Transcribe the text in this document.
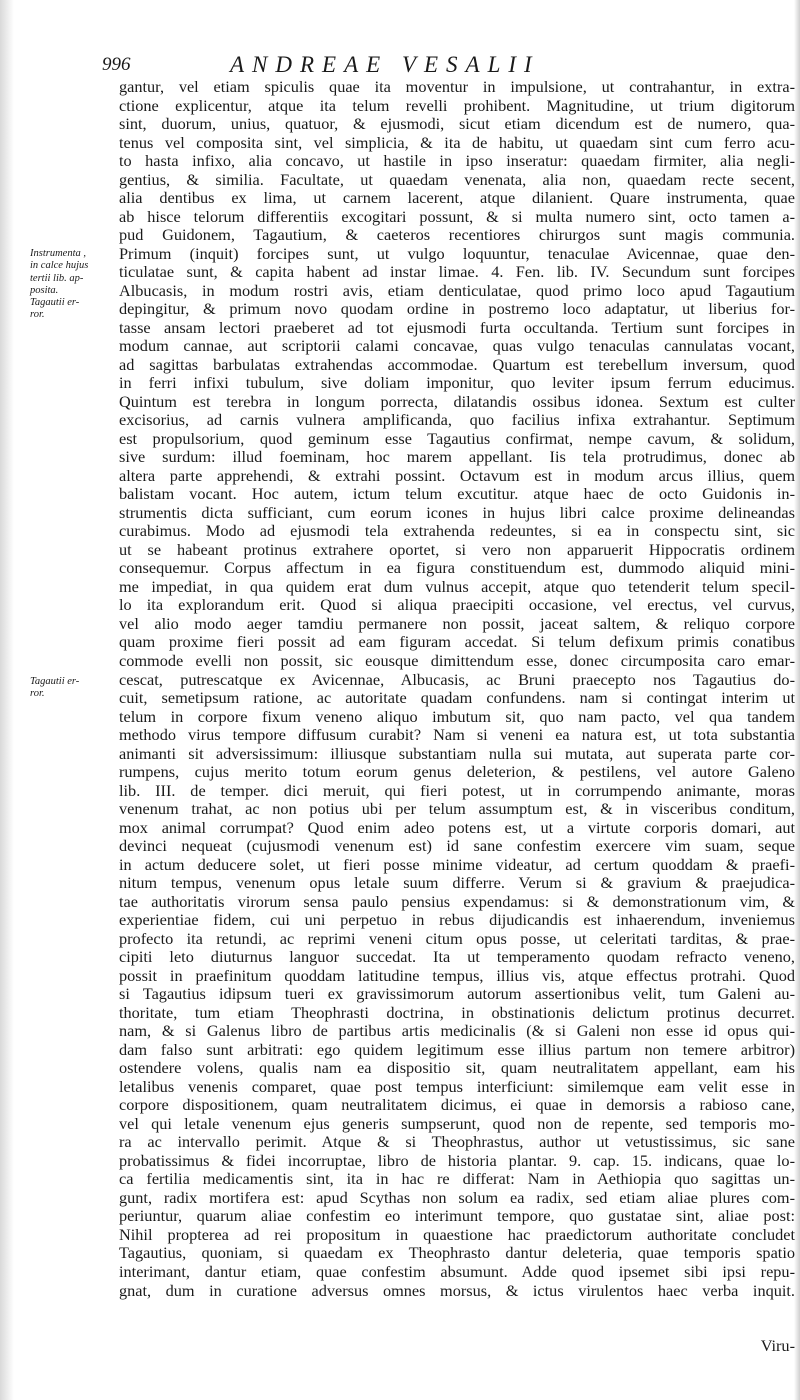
996	ANDREAE VESALII
Instrumenta ,
in calce hujus
tertii lib. ap-
posita.
Tagautii er-
ror.
Tagautii er-
ror.
gantur, vel etiam spiculis quae ita moventur in impulsione, ut contrahantur, in extra-
ctione explicentur, atque ita telum revelli prohibent. Magnitudine, ut trium digitorum
sint, duorum, unius, quatuor, & ejusmodi, sicut etiam dicendum est de numero, qua-
tenus vel composita sint, vel simplicia, & ita de habitu, ut quaedam sint cum ferro acu-
to hasta infixo, alia concavo, ut hastile in ipso inseratur: quaedam firmiter, alia negli-
gentius, & similia. Facultate, ut quaedam venenata, alia non, quaedam recte secent,
alia dentibus ex lima, ut carnem lacerent, atque dilanient. Quare instrumenta, quae
ab hisce telorum differentiis excogitari possunt, & si multa numero sint, octo tamen a-
pud Guidonem, Tagautium, & caeteros recentiores chirurgos sunt magis communia.
Primum (inquit) forcipes sunt, ut vulgo loquuntur, tenaculae Avicennae, quae den-
ticulatae sunt, & capita habent ad instar limae. 4. Fen. lib. IV. Secundum sunt forcipes
Albucasis, in modum rostri avis, etiam denticulatae, quod primo loco apud Tagautium
depingitur, & primum novo quodam ordine in postremo loco adaptatur, ut liberius for-
tasse ansam lectori praeberet ad tot ejusmodi furta occultanda. Tertium sunt forcipes in
modum cannae, aut scriptorii calami concavae, quas vulgo tenaculas cannulatas vocant,
ad sagittas barbulatas extrahendas accommodae. Quartum est terebellum inversum, quod
in ferri infixi tubulum, sive doliam imponitur, quo leviter ipsum ferrum educimus.
Quintum est terebra in longum porrecta, dilatandis ossibus idonea. Sextum est culter
excisorius, ad carnis vulnera amplificanda, quo facilius infixa extrahantur. Septimum
est propulsorium, quod geminum esse Tagautius confirmat, nempe cavum, & solidum,
sive surdum: illud foeminam, hoc marem appellant. Iis tela protrudimus, donec ab
altera parte apprehendi, & extrahi possint. Octavum est in modum arcus illius, quem
balistam vocant. Hoc autem, ictum telum excutitur. atque haec de octo Guidonis in-
strumentis dicta sufficiant, cum eorum icones in hujus libri calce proxime delineandas
curabimus. Modo ad ejusmodi tela extrahenda redeuntes, si ea in conspectu sint, sic
ut se habeant protinus extrahere oportet, si vero non apparuerit Hippocratis ordinem
consequemur. Corpus affectum in ea figura constituendum est, dummodo aliquid mini-
me impediat, in qua quidem erat dum vulnus accepit, atque quo tetenderit telum specil-
lo ita explorandum erit. Quod si aliqua praecipiti occasione, vel erectus, vel curvus,
vel alio modo aeger tamdiu permanere non possit, jaceat saltem, & reliquo corpore
quam proxime fieri possit ad eam figuram accedat. Si telum defixum primis conatibus
commode evelli non possit, sic eousque dimittendum esse, donec circumposita caro emar-
cescat, putrescatque ex Avicennae, Albucasis, ac Bruni praecepto nos Tagautius do-
cuit, semetipsum ratione, ac autoritate quadam confundens. nam si contingat interim ut
telum in corpore fixum veneno aliquo imbutum sit, quo nam pacto, vel qua tandem
methodo virus tempore diffusum curabit? Nam si veneni ea natura est, ut tota substantia
animanti sit adversissimum: illiusque substantiam nulla sui mutata, aut superata parte cor-
rumpens, cujus merito totum eorum genus deleterion, & pestilens, vel autore Galeno
lib. III. de temper. dici meruit, qui fieri potest, ut in corrumpendo animante, moras
venenum trahat, ac non potius ubi per telum assumptum est, & in visceribus conditum,
mox animal corrumpat? Quod enim adeo potens est, ut a virtute corporis domari, aut
devinci nequeat (cujusmodi venenum est) id sane confestim exercere vim suam, seque
in actum deducere solet, ut fieri posse minime videatur, ad certum quoddam & praefi-
nitum tempus, venenum opus letale suum differre. Verum si & gravium & praejudica-
tae authoritatis virorum sensa paulo pensius expendamus: si & demonstrationum vim, &
experientiae fidem, cui uni perpetuo in rebus dijudicandis est inhaerendum, inveniemus
profecto ita retundi, ac reprimi veneni citum opus posse, ut celeritati tarditas, & prae-
cipiti leto diuturnus languor succedat. Ita ut temperamento quodam refracto veneno,
possit in praefinitum quoddam latitudine tempus, illius vis, atque effectus protrahi. Quod
si Tagautius idipsum tueri ex gravissimorum autorum assertionibus velit, tum Galeni au-
thoritate, tum etiam Theophrasti doctrina, in obstinationis delictum protinus decurret.
nam, & si Galenus libro de partibus artis medicinalis (& si Galeni non esse id opus qui-
dam falso sunt arbitrati: ego quidem legitimum esse illius partum non temere arbitror)
ostendere volens, qualis nam ea dispositio sit, quam neutralitatem appellant, eam his
letalibus venenis comparet, quae post tempus interficiunt: similemque eam velit esse in
corpore dispositionem, quam neutralitatem dicimus, ei quae in demorsis a rabioso cane,
vel qui letale venenum ejus generis sumpserunt, quod non de repente, sed temporis mo-
ra ac intervallo perimit. Atque & si Theophrastus, author ut vetustissimus, sic sane
probatissimus & fidei incorruptae, libro de historia plantar. 9. cap. 15. indicans, quae lo-
ca fertilia medicamentis sint, ita in hac re differat: Nam in Aethiopia quo sagittas un-
gunt, radix mortifera est: apud Scythas non solum ea radix, sed etiam aliae plures com-
periuntur, quarum aliae confestim eo interimunt tempore, quo gustatae sint, aliae post:
Nihil propterea ad rei propositum in quaestione hac praedictorum authoritate concludet
Tagautius, quoniam, si quaedam ex Theophrasto dantur deleteria, quae temporis spatio
interimant, dantur etiam, quae confestim absumunt. Adde quod ipsemet sibi ipsi repu-
gnat, dum in curatione adversus omnes morsus, & ictus virulentos haec verba inquit.
Viru-
